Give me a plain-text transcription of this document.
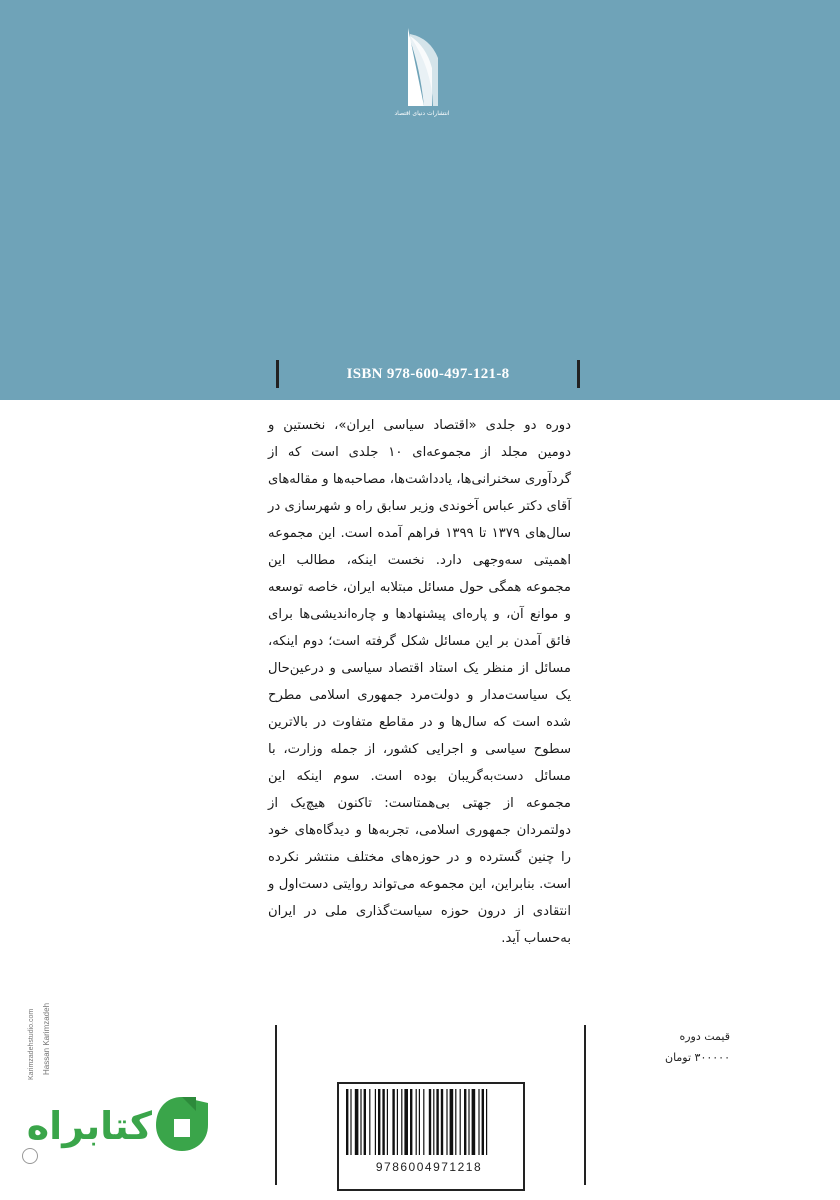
انتشارات دنیای اقتصاد
ISBN 978-600-497-121-8

دوره دو جلدی «اقتصاد سیاسی ایران»، نخستین و دومین مجلد از مجموعه‌ای ۱۰ جلدی است که از گردآوری سخنرانی‌ها، یادداشت‌ها، مصاحبه‌ها و مقاله‌های آقای دکتر عباس آخوندی وزیر سابق راه و شهرسازی در سال‌های ۱۳۷۹ تا ۱۳۹۹ فراهم آمده است. این مجموعه اهمیتی سه‌وجهی دارد. نخست اینکه، مطالب این مجموعه همگی حول مسائل مبتلابه ایران، خاصه توسعه و موانع آن، و پاره‌ای پیشنهادها و چاره‌اندیشی‌ها برای فائق آمدن بر این مسائل شکل گرفته است؛ دوم اینکه، مسائل از منظر یک استاد اقتصاد سیاسی و درعین‌حال یک سیاست‌مدار و دولت‌مرد جمهوری اسلامی مطرح شده است که سال‌ها و در مقاطع متفاوت در بالاترین سطوح سیاسی و اجرایی کشور، از جمله وزارت، با مسائل دست‌به‌گریبان بوده است. سوم اینکه این مجموعه از جهتی بی‌همتاست: تاکنون هیچ‌یک از دولتمردان جمهوری اسلامی، تجربه‌ها و دیدگاه‌های خود را چنین گسترده و در حوزه‌های مختلف منتشر نکرده است. بنابراین، این مجموعه می‌تواند روایتی دست‌اول و انتقادی از درون حوزه سیاست‌گذاری ملی در ایران به‌حساب آید.

قیمت دوره
۳۰۰۰۰۰ تومان
9786004971218
Hassan Karimzadeh
Karimzadehstudio.com
کتابراه
